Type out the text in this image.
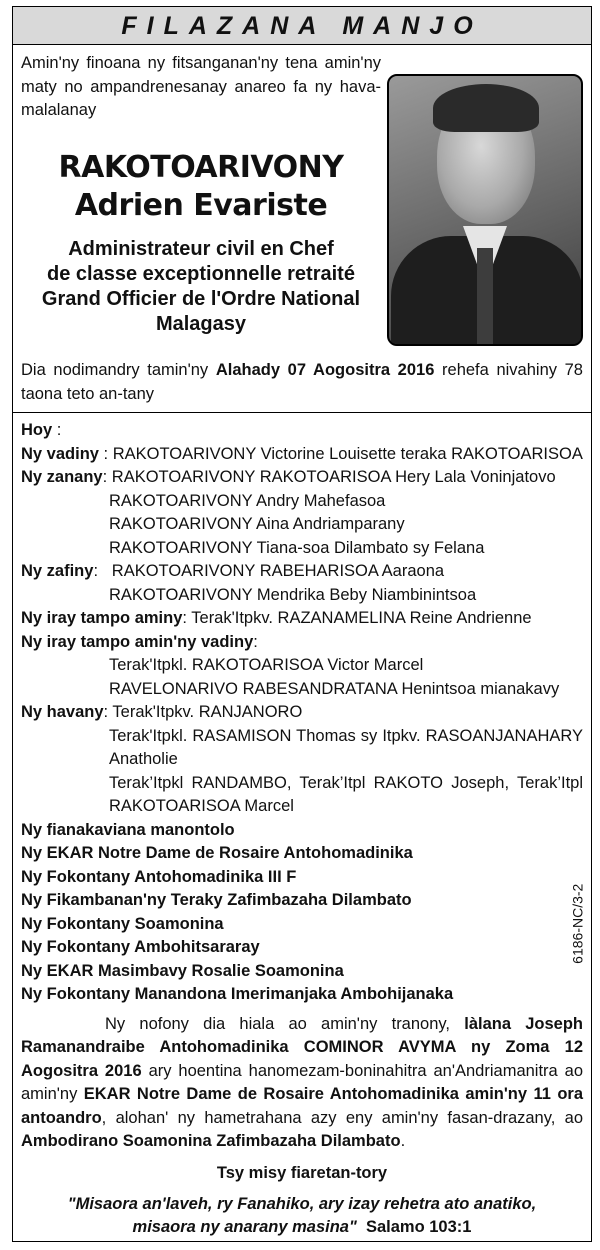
FILAZANA MANJO
Amin'ny finoana ny fitsanganan'ny tena amin'ny maty no ampandrenesanay anareo fa ny hava-malalanay
RAKOTOARIVONY
Adrien Evariste
Administrateur civil en Chef
de classe exceptionnelle retraité
Grand Officier de l'Ordre National
Malagasy
Dia nodimandry tamin'ny Alahady 07 Aogositra 2016 rehefa nivahiny 78 taona teto an-tany
Hoy :
Ny vadiny : RAKOTOARIVONY Victorine Louisette teraka RAKOTOARISOA
Ny zanany: RAKOTOARIVONY RAKOTOARISOA Hery Lala Voninjatovo
RAKOTOARIVONY Andry Mahefasoa
RAKOTOARIVONY Aina Andriamparany
RAKOTOARIVONY Tiana-soa Dilambato sy Felana
Ny zafiny:   RAKOTOARIVONY RABEHARISOA Aaraona
RAKOTOARIVONY Mendrika Beby Niambinintsoa
Ny iray tampo aminy: Terak'Itpkv. RAZANAMELINA Reine Andrienne
Ny iray tampo amin'ny vadiny:
Terak'Itpkl. RAKOTOARISOA Victor Marcel
RAVELONARIVO RABESANDRATANA Henintsoa mianakavy
Ny havany: Terak'Itpkv. RANJANORO
Terak'Itpkl. RASAMISON Thomas sy Itpkv. RASOANJANAHARY Anatholie
Terak’Itpkl RANDAMBO, Terak’Itpl RAKOTO Joseph, Terak’Itpl RAKOTOARISOA Marcel
Ny fianakaviana manontolo
Ny EKAR Notre Dame de Rosaire Antohomadinika
Ny Fokontany Antohomadinika III F
Ny Fikambanan'ny Teraky Zafimbazaha Dilambato
Ny Fokontany Soamonina
Ny Fokontany Ambohitsararay
Ny EKAR Masimbavy Rosalie Soamonina
Ny Fokontany Manandona Imerimanjaka Ambohijanaka
Ny nofony dia hiala ao amin'ny tranony, làlana Joseph Ramanandraibe Antohomadinika COMINOR AVYMA ny Zoma 12 Aogositra 2016 ary hoentina hanomezam-boninahitra an'Andriamanitra ao amin'ny EKAR Notre Dame de Rosaire Antohomadinika amin'ny 11 ora antoandro, alohan' ny hametrahana azy eny amin'ny fasan-drazany, ao Ambodirano Soamonina Zafimbazaha Dilambato.
Tsy misy fiaretan-tory
"Misaora an'laveh, ry Fanahiko, ary izay rehetra ato anatiko,
misaora ny anarany masina"  Salamo 103:1
6186-NC/3-2
